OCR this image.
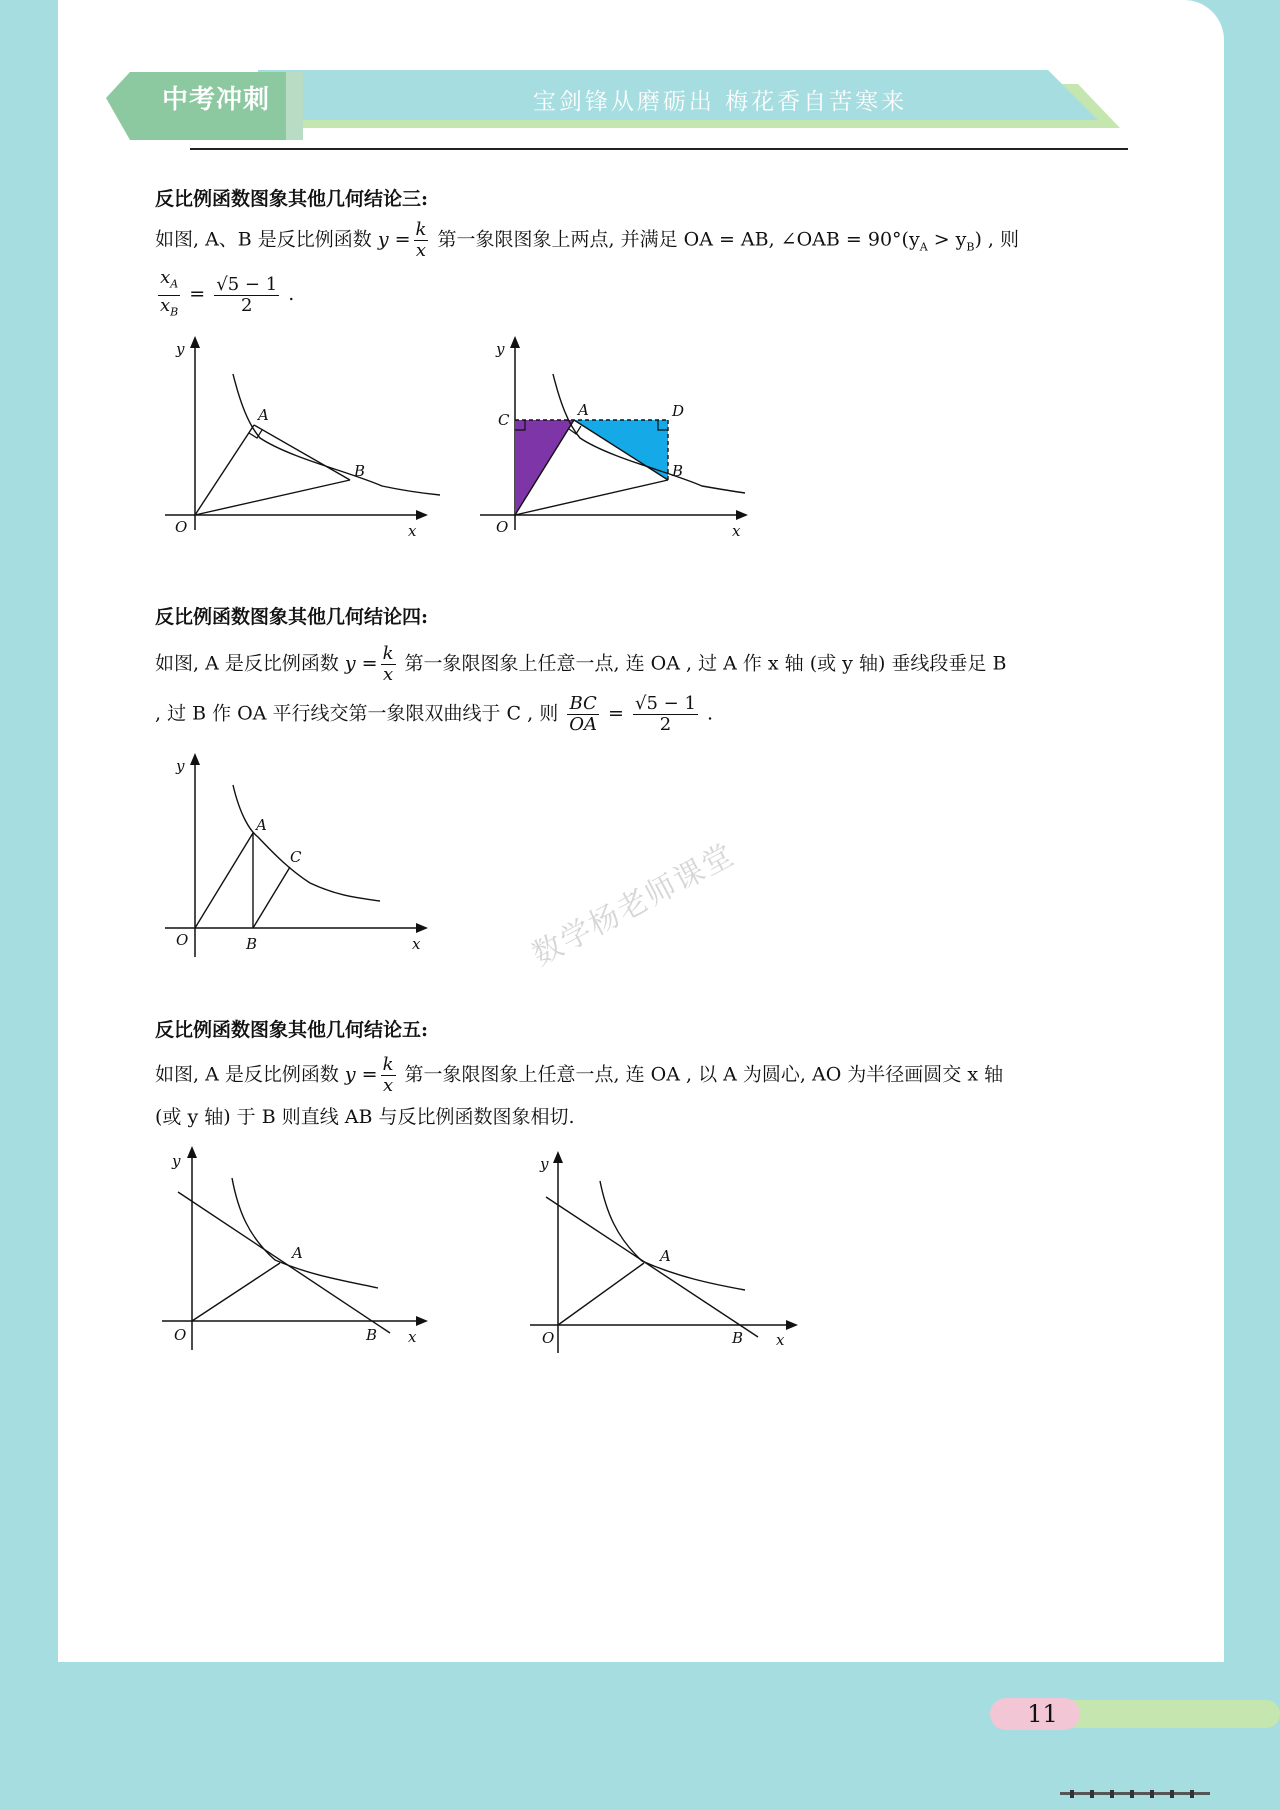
中考冲刺	宝剑锋从磨砺出 梅花香自苦寒来
反比例函数图象其他几何结论三:
如图, A、B 是反比例函数 $y = \frac{k}{x}$ 第一象限图象上两点, 并满足 OA = AB, ∠OAB = $90^\circ(y_A > y_B)$ , 则
$\frac{x_A}{x_B} = \frac{√5 - 1}{2}$ .
A
B
O	x
y
C
A	D
B
O	x
y
反比例函数图象其他几何结论四:
如图, A 是反比例函数 $y = \frac{k}{x}$ 第一象限图象上任意一点, 连 OA , 过 A 作 x 轴 (或 y 轴) 垂线段垂足 B
, 过 B 作 OA 平行线交第一象限双曲线于 C , 则 $\frac{BC}{OA} = \frac{√5 - 1}{2}$ .
A
C
B
O	x
y
数学杨老师课堂
反比例函数图象其他几何结论五:
如图, A 是反比例函数 $y = \frac{k}{x}$ 第一象限图象上任意一点, 连 OA , 以 A 为圆心, AO 为半径画圆交 x 轴
(或 y 轴) 于 B 则直线 AB 与反比例函数图象相切.
A
B
O	x
y
A
B
O	x
y
11
